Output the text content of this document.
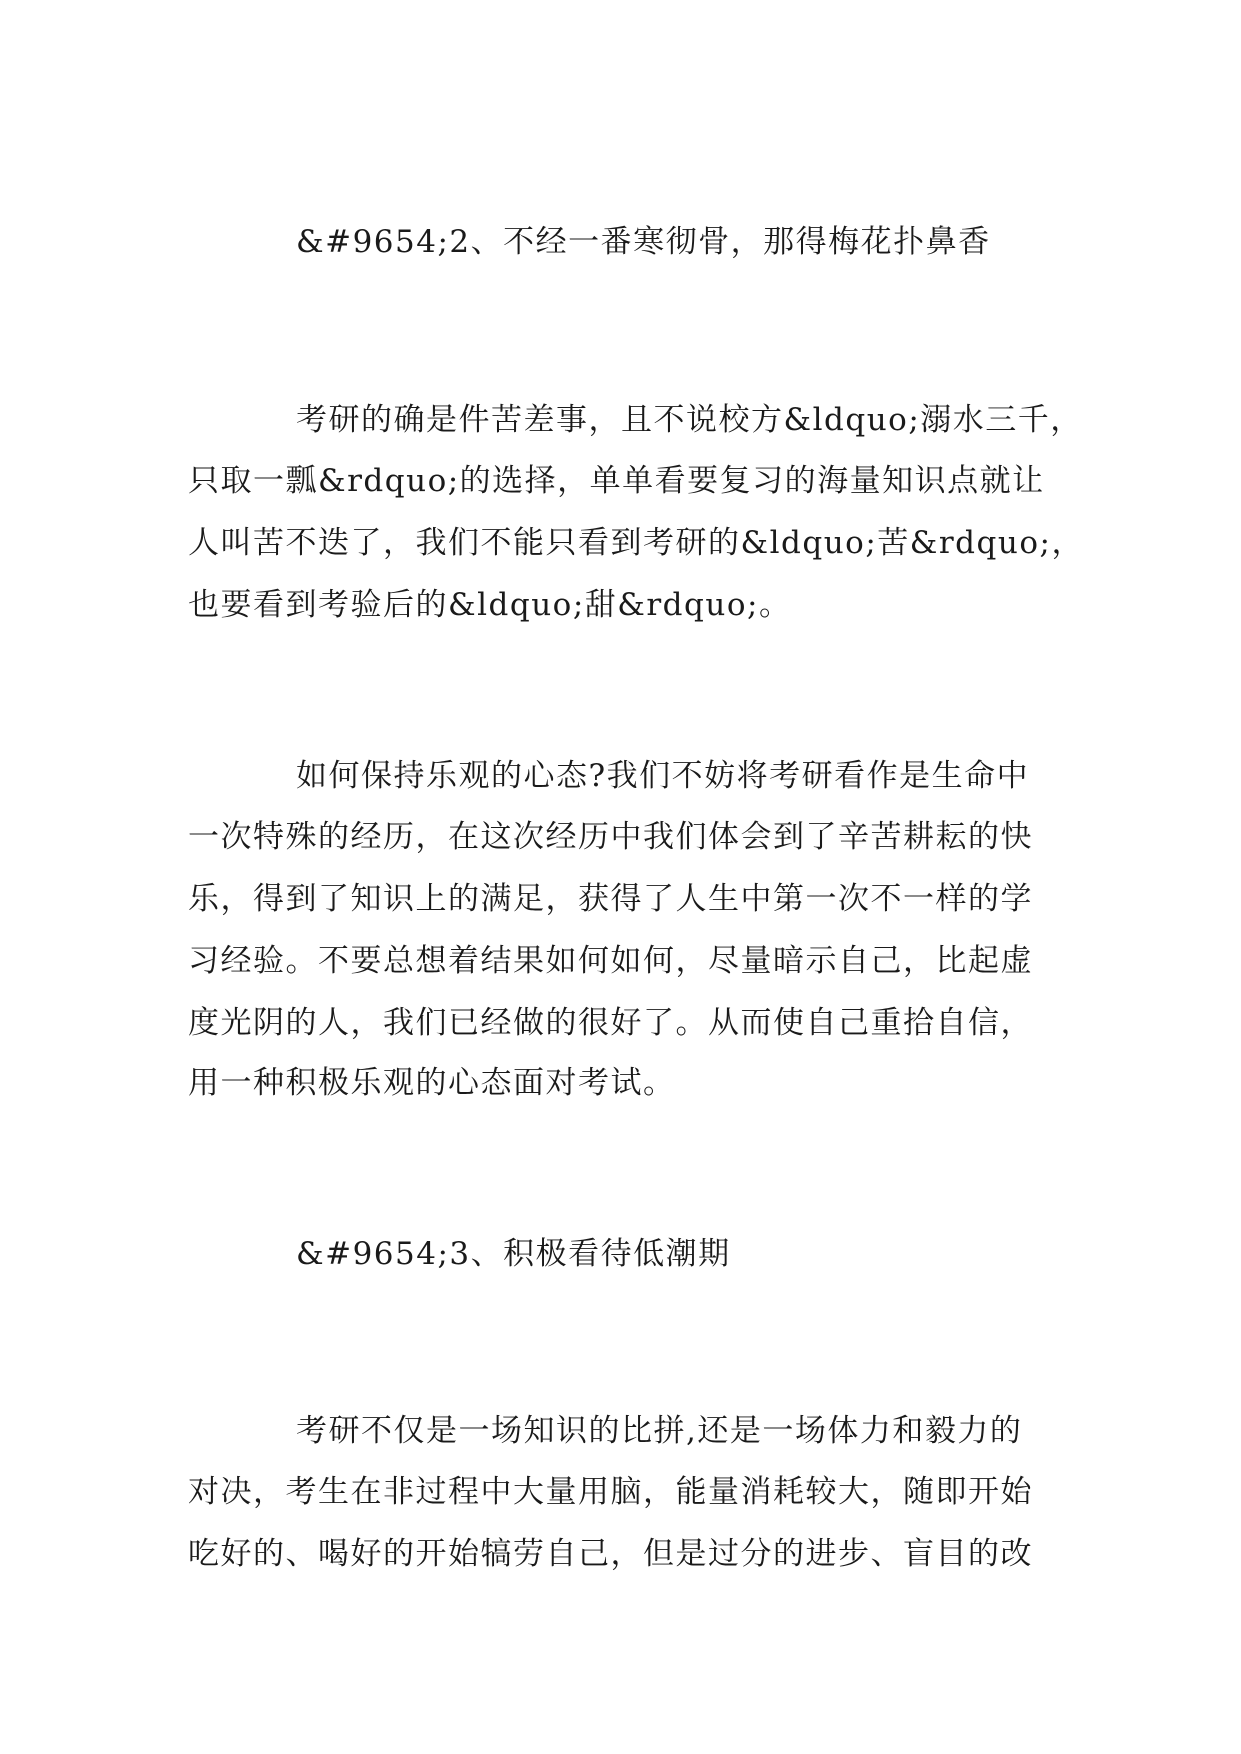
&#9654;2、不经一番寒彻骨，那得梅花扑鼻香
考研的确是件苦差事，且不说校方&ldquo;溺水三千，
只取一瓢&rdquo;的选择，单单看要复习的海量知识点就让
人叫苦不迭了，我们不能只看到考研的&ldquo;苦&rdquo;，
也要看到考验后的&ldquo;甜&rdquo;。
如何保持乐观的心态?我们不妨将考研看作是生命中
一次特殊的经历，在这次经历中我们体会到了辛苦耕耘的快
乐，得到了知识上的满足，获得了人生中第一次不一样的学
习经验。不要总想着结果如何如何，尽量暗示自己，比起虚
度光阴的人，我们已经做的很好了。从而使自己重拾自信，
用一种积极乐观的心态面对考试。
&#9654;3、积极看待低潮期
考研不仅是一场知识的比拼,还是一场体力和毅力的
对决，考生在非过程中大量用脑，能量消耗较大，随即开始
吃好的、喝好的开始犒劳自己，但是过分的进步、盲目的改
